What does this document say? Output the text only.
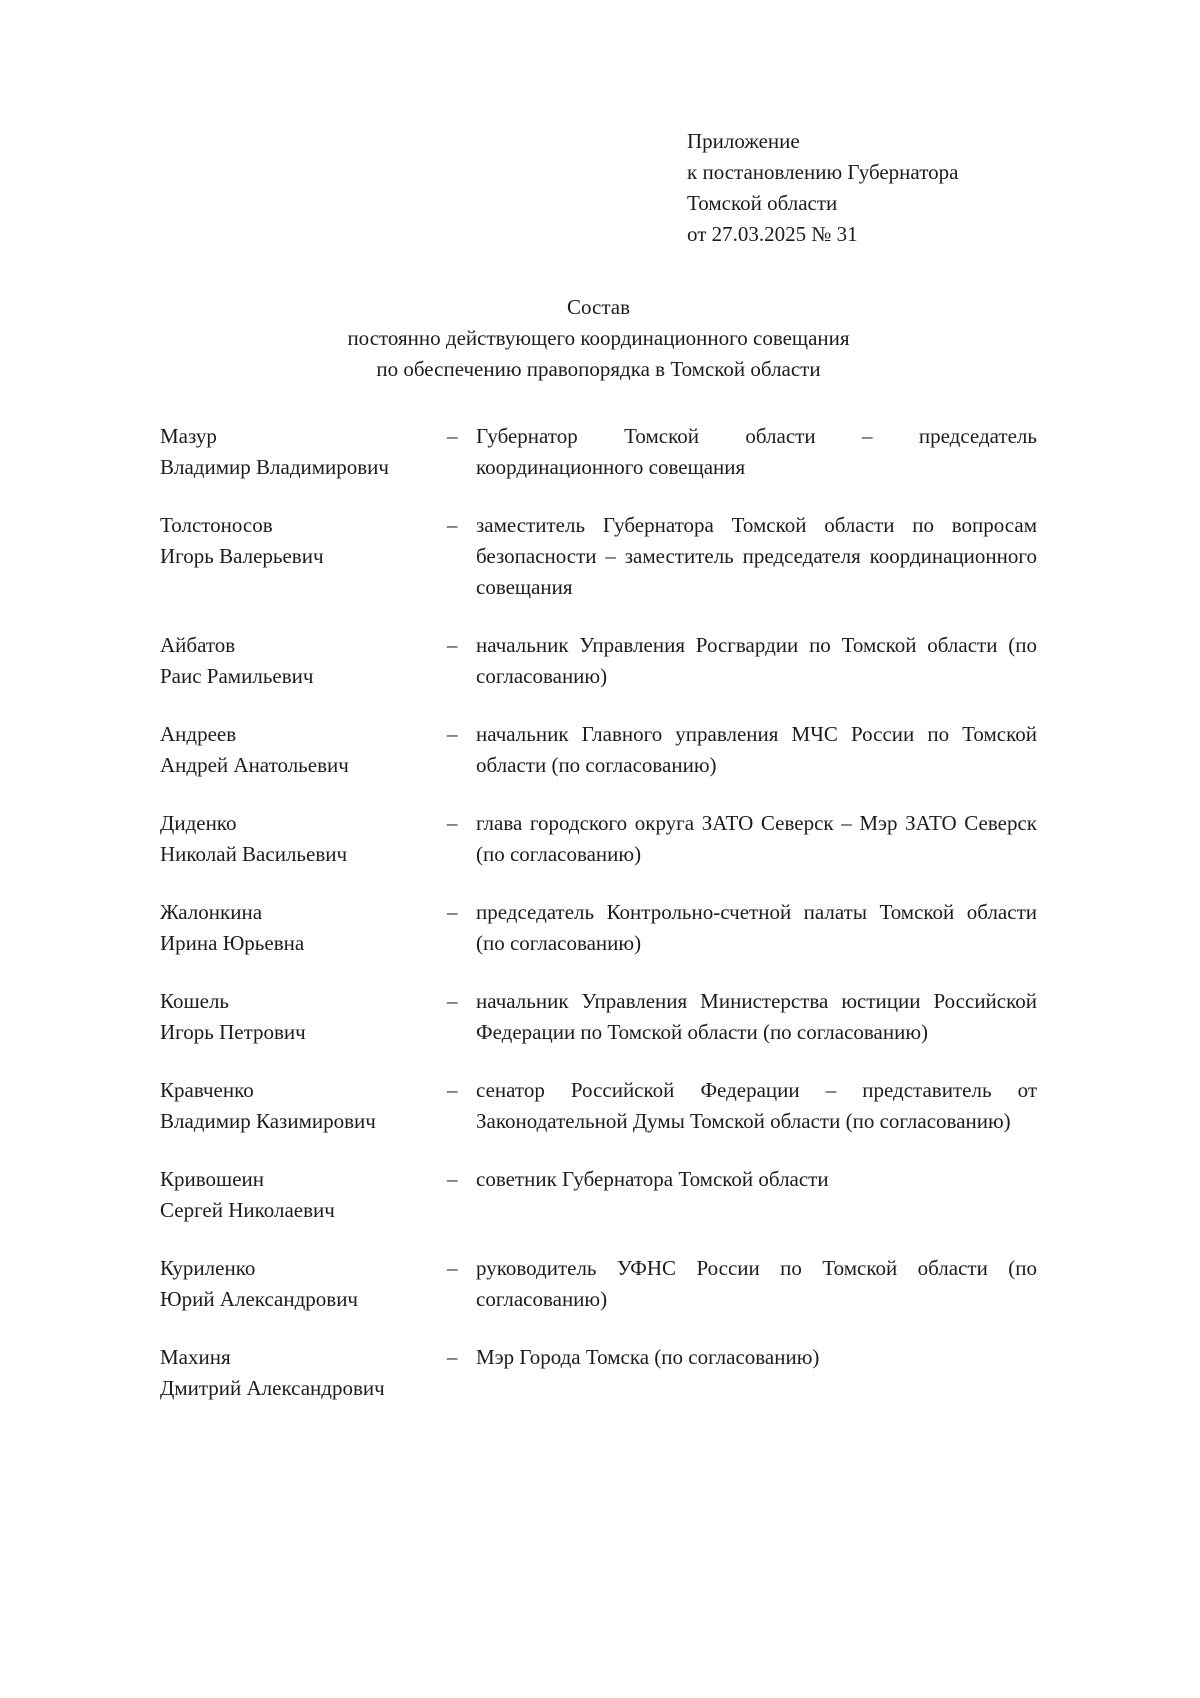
Приложение
к постановлению Губернатора
Томской области
от 27.03.2025 № 31
Состав
постоянно действующего координационного совещания
по обеспечению правопорядка в Томской области
Мазур
Владимир Владимирович
– Губернатор Томской области – председатель координационного совещания
Толстоносов
Игорь Валерьевич
– заместитель Губернатора Томской области по вопросам безопасности – заместитель председателя координационного совещания
Айбатов
Раис Рамильевич
– начальник Управления Росгвардии по Томской области (по согласованию)
Андреев
Андрей Анатольевич
– начальник Главного управления МЧС России по Томской области (по согласованию)
Диденко
Николай Васильевич
– глава городского округа ЗАТО Северск – Мэр ЗАТО Северск (по согласованию)
Жалонкина
Ирина Юрьевна
– председатель Контрольно-счетной палаты Томской области (по согласованию)
Кошель
Игорь Петрович
– начальник Управления Министерства юстиции Российской Федерации по Томской области (по согласованию)
Кравченко
Владимир Казимирович
– сенатор Российской Федерации – представитель от Законодательной Думы Томской области (по согласованию)
Кривошеин
Сергей Николаевич
– советник Губернатора Томской области
Куриленко
Юрий Александрович
– руководитель УФНС России по Томской области (по согласованию)
Махиня
Дмитрий Александрович
– Мэр Города Томска (по согласованию)
